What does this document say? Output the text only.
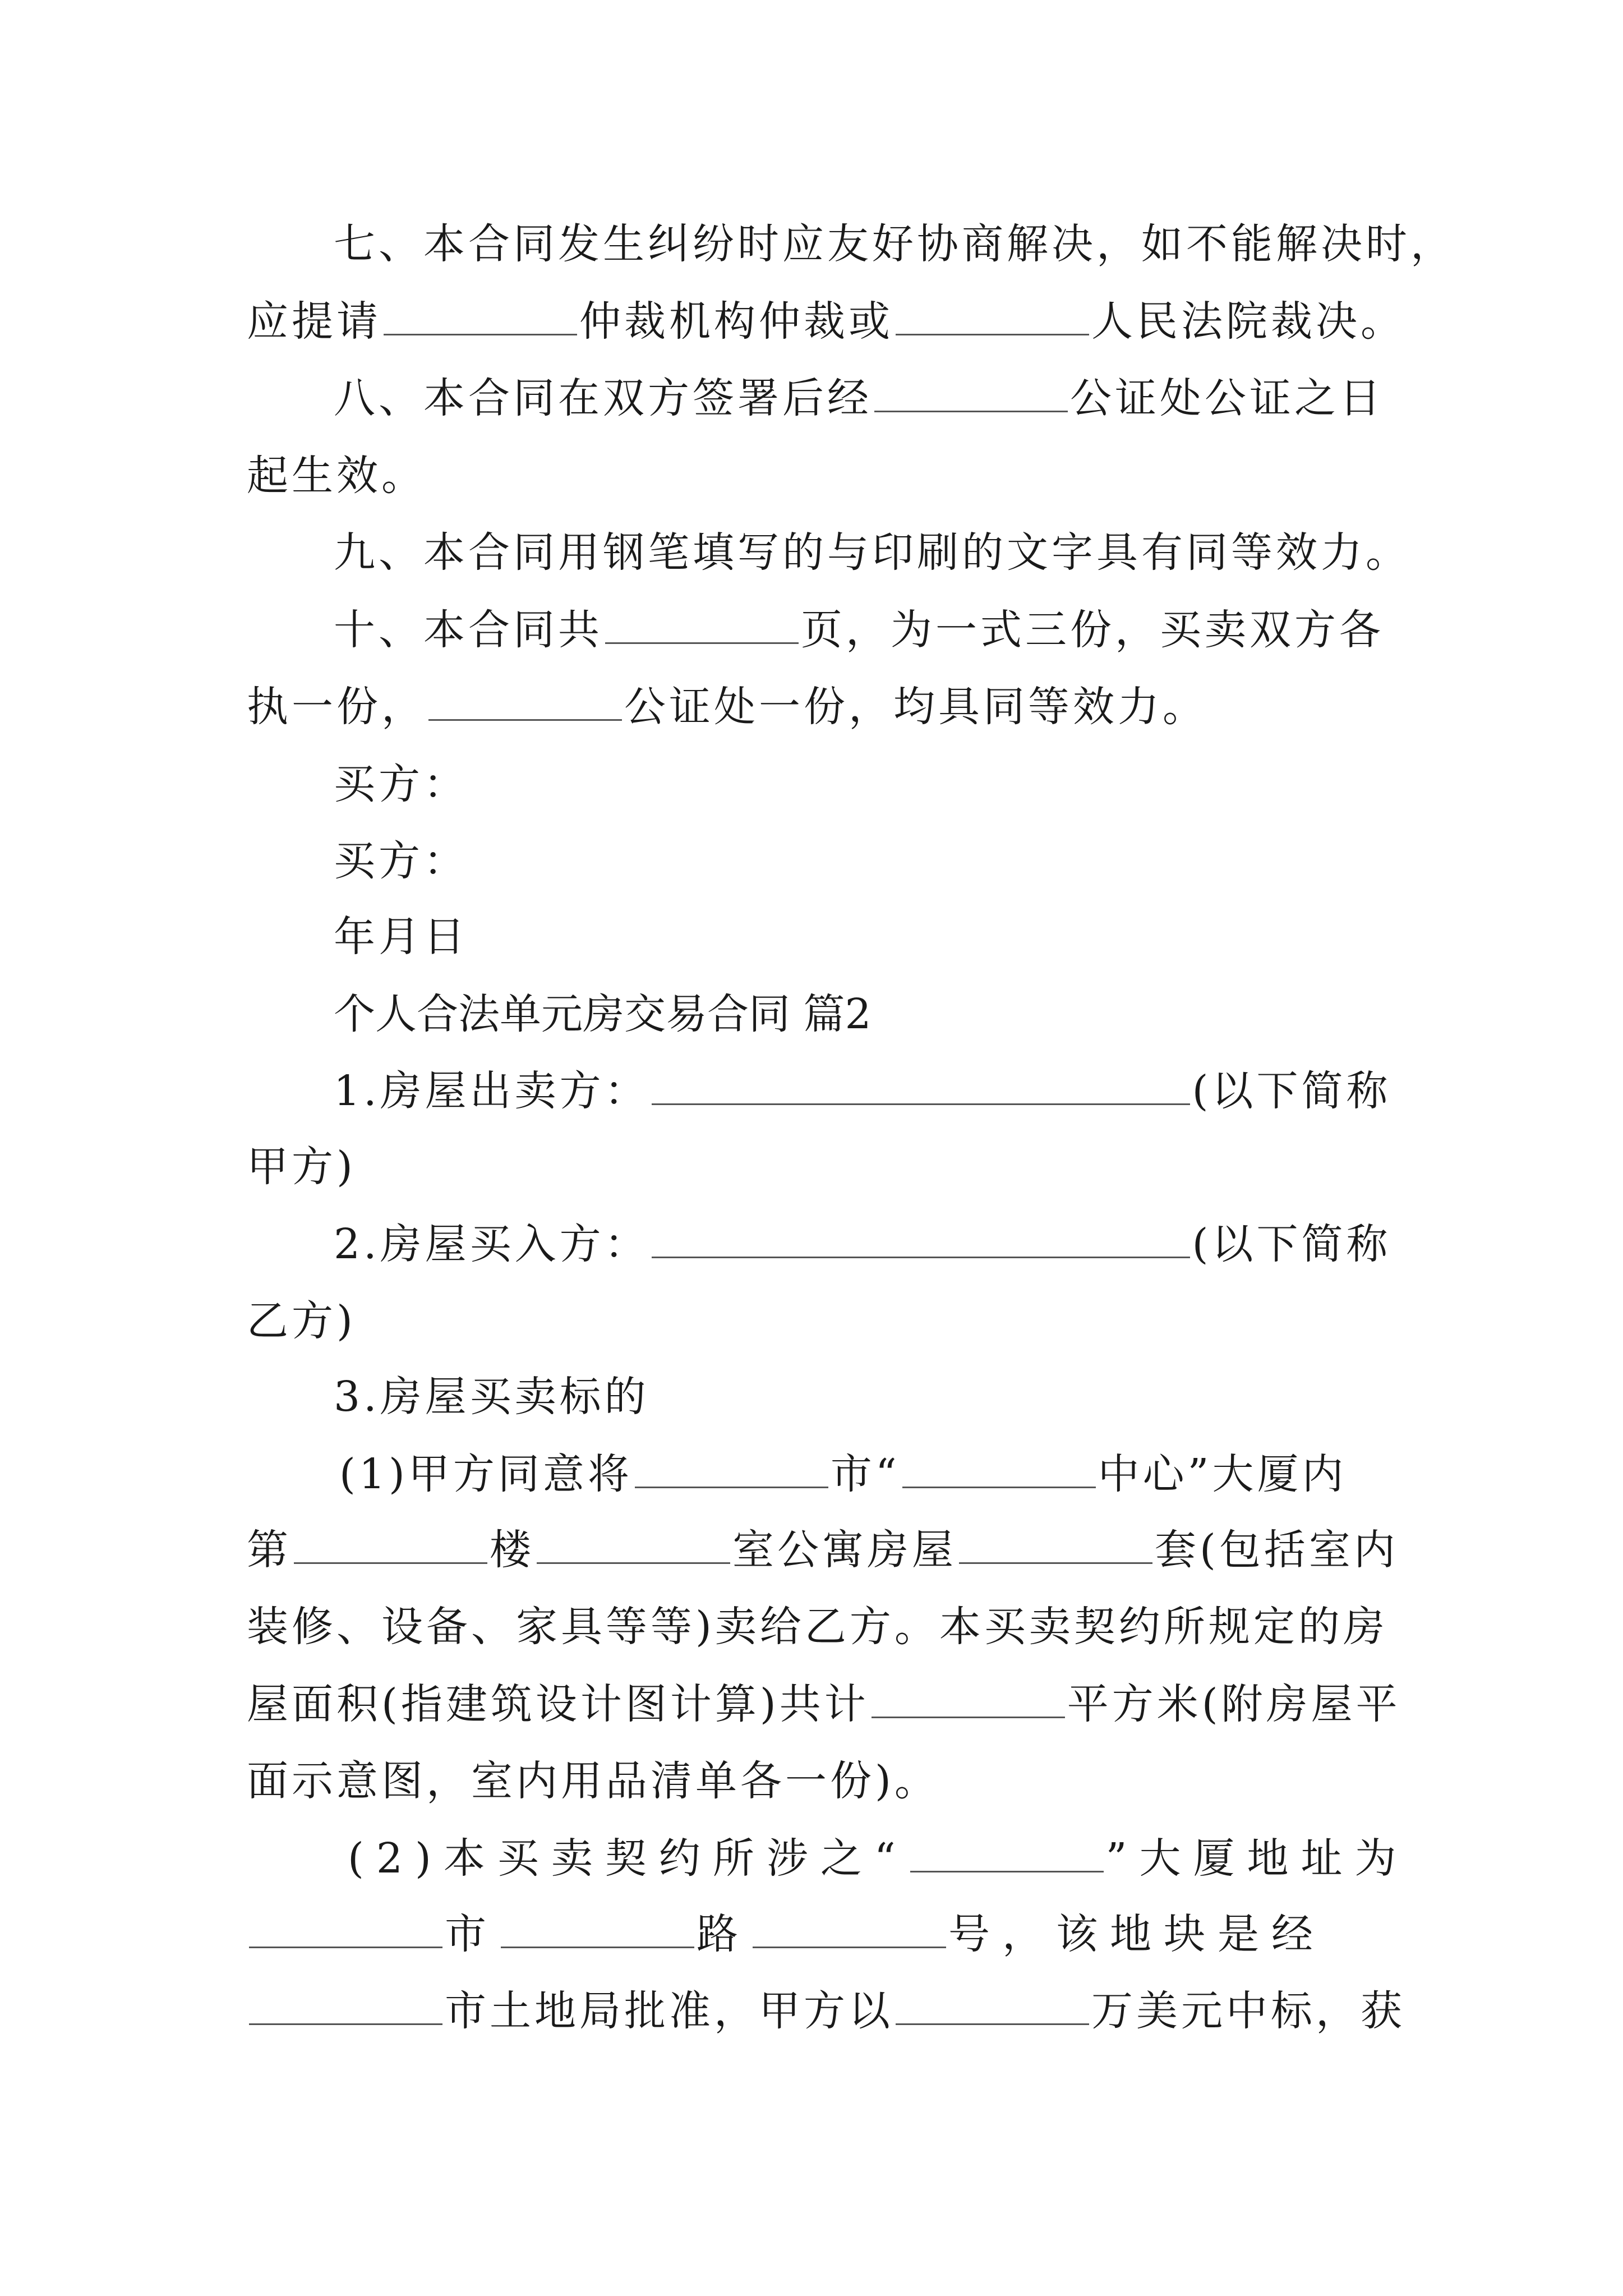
七、本合同发生纠纷时应友好协商解决，如不能解决时，
应提请	仲裁机构仲裁或	人民法院裁决。
八、本合同在双方签署后经	公证处公证之日
起生效。
九、本合同用钢笔填写的与印刷的文字具有同等效力。
十、本合同共	页，为一式三份，买卖双方各
执一份，	公证处一份，均具同等效力。
买方：
买方：
年月日
个人合法单元房交易合同 篇2
1.房屋出卖方：	(以下简称
甲方)
2.房屋买入方：	(以下简称
乙方)
3.房屋买卖标的
(1)甲方同意将	市“	中心”大厦内
第	楼	室公寓房屋	套(包括室内
装修、设备、家具等等)卖给乙方。本买卖契约所规定的房
屋面积(指建筑设计图计算)共计	平方米(附房屋平
面示意图，室内用品清单各一份)。
(2)本买卖契约所涉之“	”大厦地址为
市	路	号，该地块是经
市土地局批准，甲方以	万美元中标，获
